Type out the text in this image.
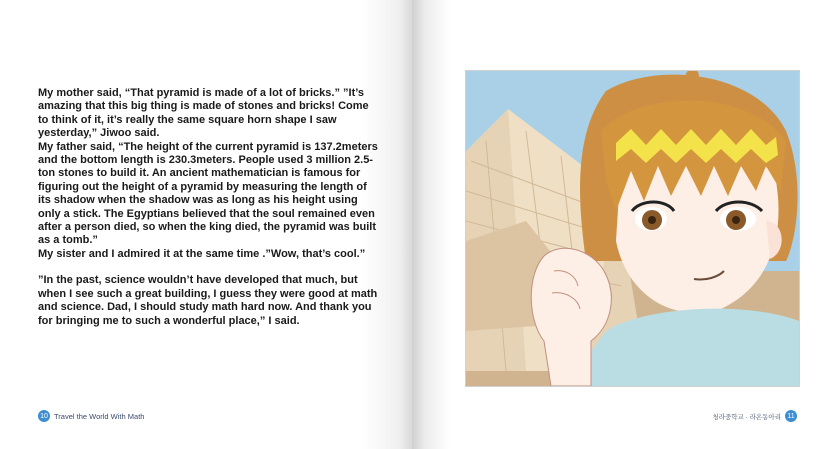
My mother said, “That pyramid is made of a lot of bricks.” ”It’s amazing that this big thing is made of stones and bricks! Come to think of it, it’s really the same square horn shape I saw yesterday,” Jiwoo said.

My father said, “The height of the current pyramid is 137.2meters and the bottom length is 230.3meters. People used 3 million 2.5-ton stones to build it. An ancient mathematician is famous for figuring out the height of a pyramid by measuring the length of its shadow when the shadow was as long as his height using only a stick. The Egyptians believed that the soul remained even after a person died, so when the king died, the pyramid was built as a tomb.”

My sister and I admired it at the same time .”Wow, that’s cool.”

”In the past, science wouldn’t have developed that much, but when I see such a great building, I guess they were good at math and science. Dad, I should study math hard now. And thank you for bringing me to such a wonderful place,” I said.

10 Travel the World With Math	청라중학교 · 라온동아리 11
